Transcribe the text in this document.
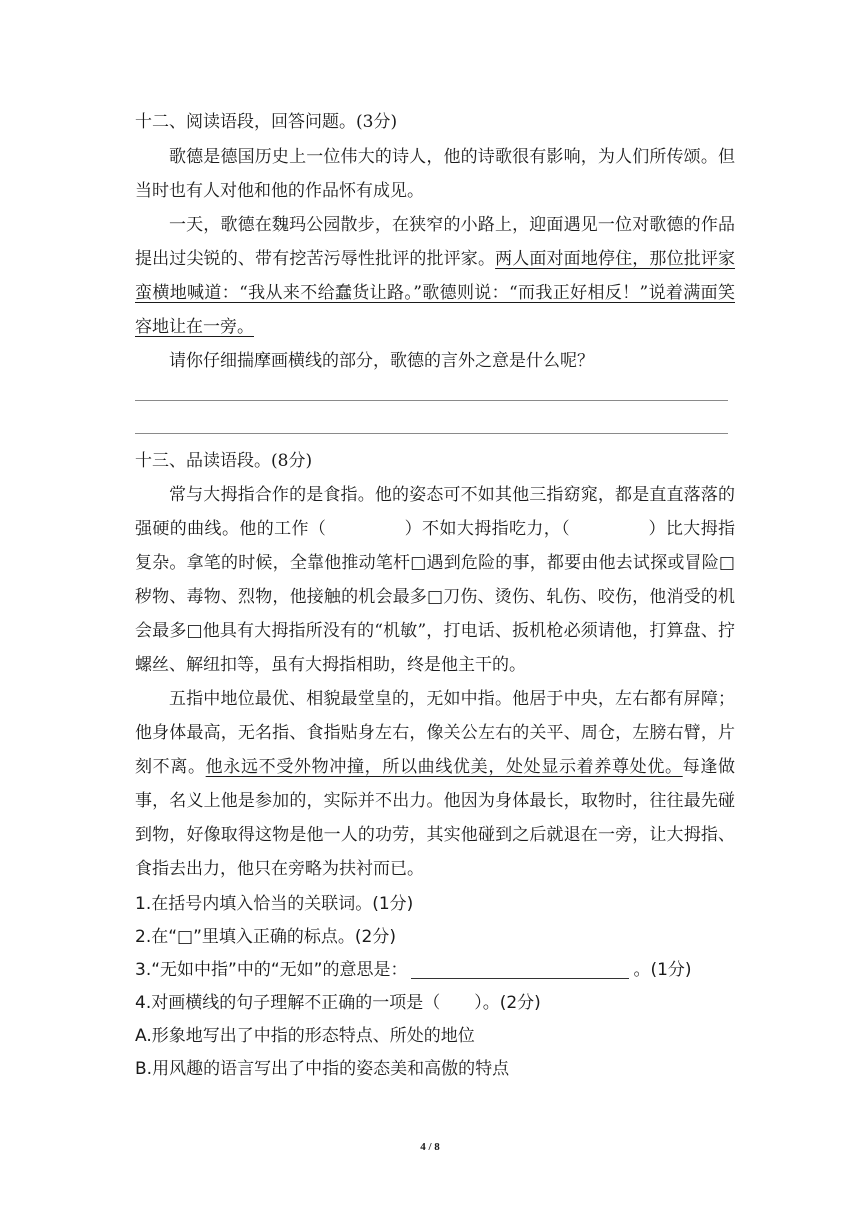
十二、阅读语段，回答问题。(3分)
歌德是德国历史上一位伟大的诗人，他的诗歌很有影响，为人们所传颂。但当时也有人对他和他的作品怀有成见。
一天，歌德在魏玛公园散步，在狭窄的小路上，迎面遇见一位对歌德的作品提出过尖锐的、带有挖苦污辱性批评的批评家。两人面对面地停住，那位批评家蛮横地喊道：“我从来不给蠢货让路。”歌德则说：“而我正好相反！”说着满面笑容地让在一旁。
请你仔细揣摩画横线的部分，歌德的言外之意是什么呢？
十三、品读语段。(8分)
常与大拇指合作的是食指。他的姿态可不如其他三指窈窕，都是直直落落的强硬的曲线。他的工作（	）不如大拇指吃力，（	）比大拇指复杂。拿笔的时候，全靠他推动笔杆□遇到危险的事，都要由他去试探或冒险□秽物、毒物、烈物，他接触的机会最多□刀伤、烫伤、轧伤、咬伤，他消受的机会最多□他具有大拇指所没有的“机敏”，打电话、扳机枪必须请他，打算盘、拧螺丝、解纽扣等，虽有大拇指相助，终是他主干的。
五指中地位最优、相貌最堂皇的，无如中指。他居于中央，左右都有屏障；他身体最高，无名指、食指贴身左右，像关公左右的关平、周仓，左膀右臂，片刻不离。他永远不受外物冲撞，所以曲线优美，处处显示着养尊处优。每逢做事，名义上他是参加的，实际并不出力。他因为身体最长，取物时，往往最先碰到物，好像取得这物是他一人的功劳，其实他碰到之后就退在一旁，让大拇指、食指去出力，他只在旁略为扶衬而已。
1.在括号内填入恰当的关联词。(1分)
2.在“□”里填入正确的标点。(2分)
3.“无如中指”中的“无如”的意思是：	。(1分)
4.对画横线的句子理解不正确的一项是（ ）。(2分)
A.形象地写出了中指的形态特点、所处的地位
B.用风趣的语言写出了中指的姿态美和高傲的特点
4 / 8
